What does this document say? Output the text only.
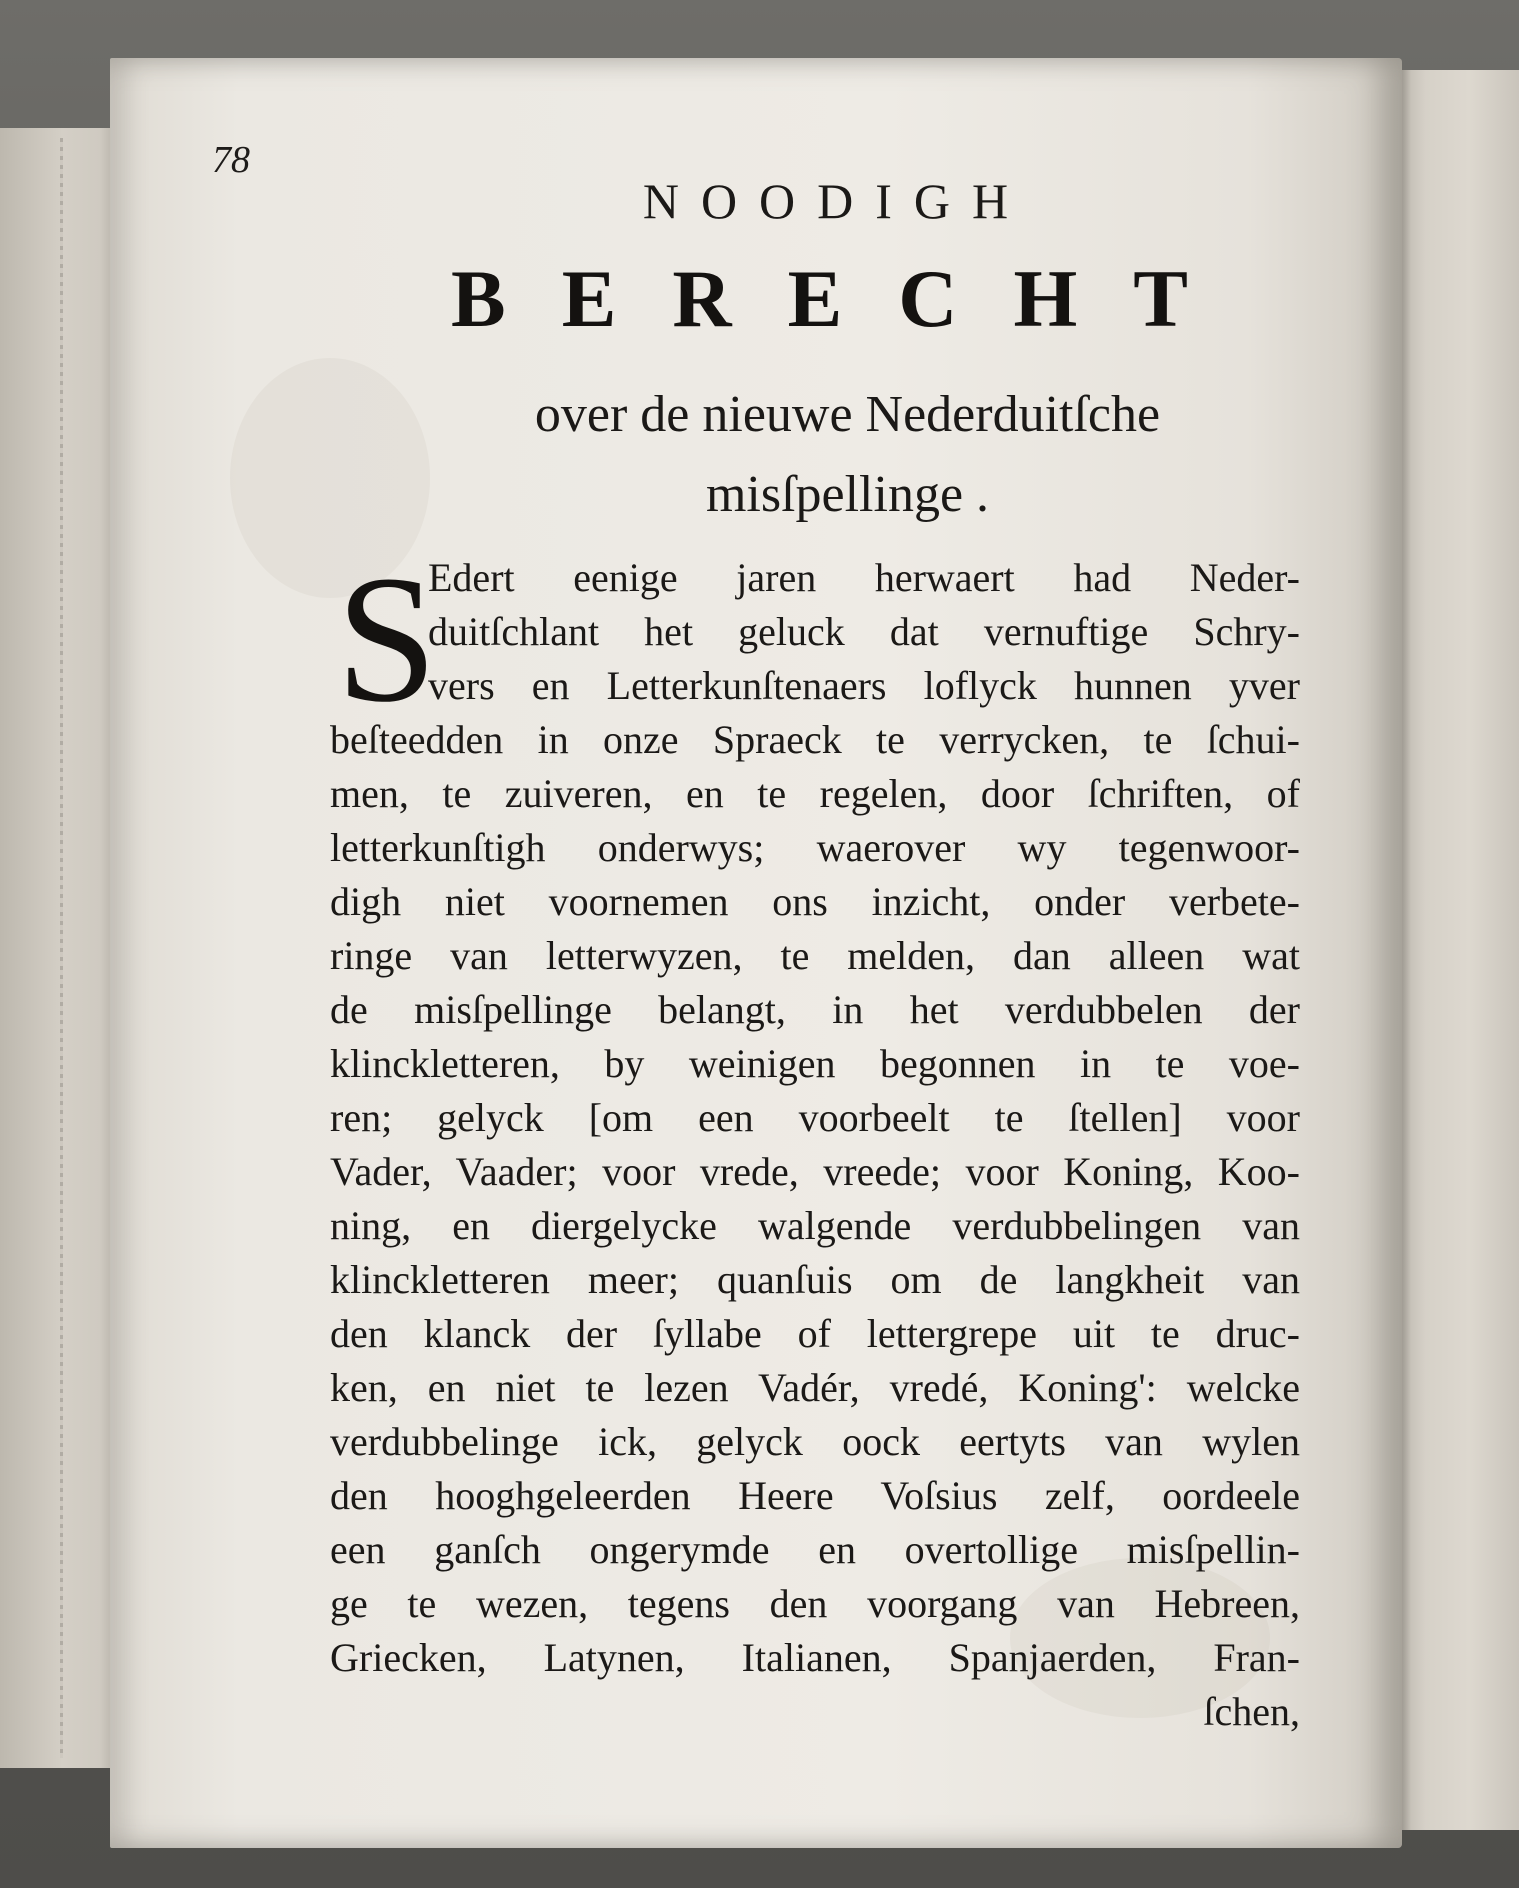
78
NOODIGH
BERECHT
over de nieuwe Nederduitſche
misſpellinge .
S
Edert eenige jaren herwaert had Neder-
duitſchlant het geluck dat vernuftige Schry-
vers en Letterkunſtenaers loflyck hunnen yver
beſteedden in onze Spraeck te verrycken, te ſchui-
men, te zuiveren, en te regelen, door ſchriften, of
letterkunſtigh onderwys; waerover wy tegenwoor-
digh niet voornemen ons inzicht, onder verbete-
ringe van letterwyzen, te melden, dan alleen wat
de misſpellinge belangt, in het verdubbelen der
klinckletteren, by weinigen begonnen in te voe-
ren; gelyck [om een voorbeelt te ſtellen] voor
Vader, Vaader; voor vrede, vreede; voor Koning, Koo-
ning, en diergelycke walgende verdubbelingen van
klinckletteren meer; quanſuis om de langkheit van
den klanck der ſyllabe of lettergrepe uit te druc-
ken, en niet te lezen Vadér, vredé, Koning': welcke
verdubbelinge ick, gelyck oock eertyts van wylen
den hooghgeleerden Heere Voſsius zelf, oordeele
een ganſch ongerymde en overtollige misſpellin-
ge te wezen, tegens den voorgang van Hebreen,
Griecken, Latynen, Italianen, Spanjaerden, Fran-
ſchen,
